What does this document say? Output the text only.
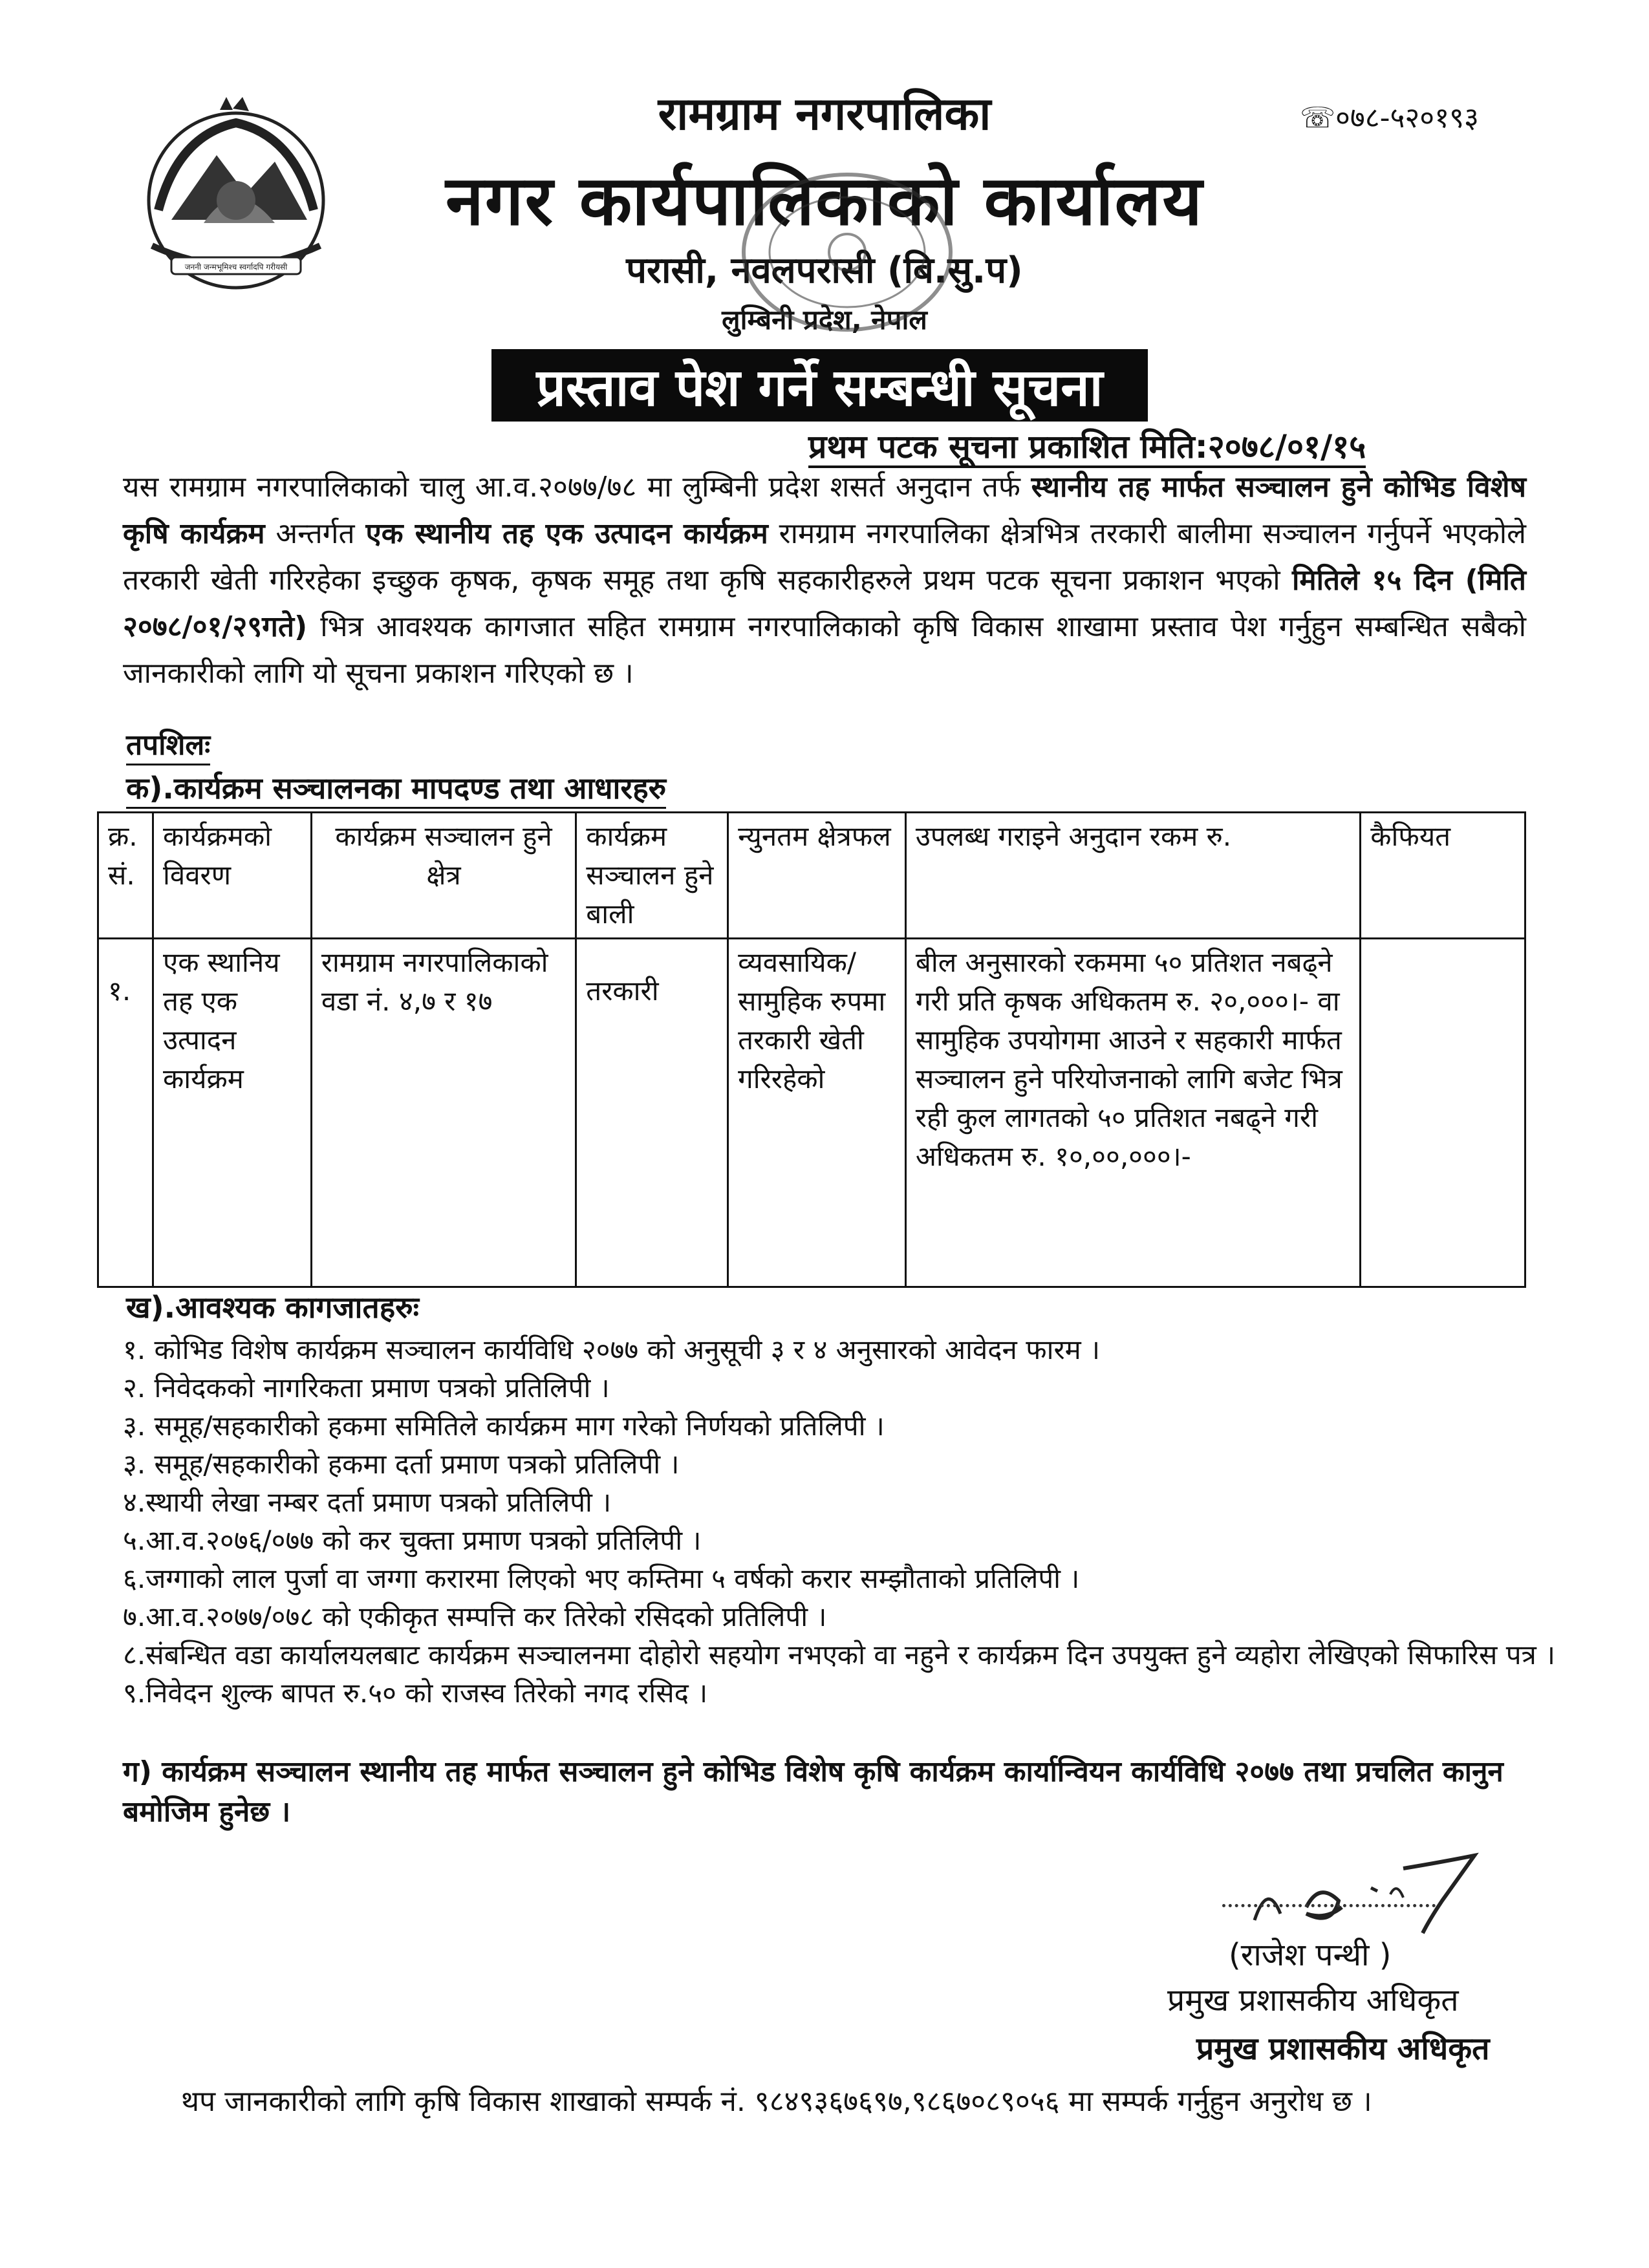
जननी जन्मभूमिश्च स्वर्गादपि गरीयसी
रामग्राम नगरपालिका
नगर कार्यपालिकाको कार्यालय
परासी, नवलपरासी (बि.सु.प)
लुम्बिनी प्रदेश, नेपाल
☏०७८-५२०१९३
प्रस्ताव पेश गर्ने सम्बन्धी सूचना
प्रथम पटक सूचना प्रकाशित मिति:२०७८/०१/१५
यस रामग्राम नगरपालिकाको चालु आ.व.२०७७/७८ मा लुम्बिनी प्रदेश शसर्त अनुदान तर्फ स्थानीय तह मार्फत सञ्चालन हुने कोभिड विशेष कृषि कार्यक्रम अन्तर्गत एक स्थानीय तह एक उत्पादन कार्यक्रम रामग्राम नगरपालिका क्षेत्रभित्र तरकारी बालीमा सञ्चालन गर्नुपर्ने भएकोले तरकारी खेती गरिरहेका इच्छुक कृषक, कृषक समूह तथा कृषि सहकारीहरुले प्रथम पटक सूचना प्रकाशन भएको मितिले १५ दिन (मिति २०७८/०१/२९गते) भित्र आवश्यक कागजात सहित रामग्राम नगरपालिकाको कृषि विकास शाखामा प्रस्ताव पेश गर्नुहुन सम्बन्धित सबैको जानकारीको लागि यो सूचना प्रकाशन गरिएको छ ।
तपशिलः
क).कार्यक्रम सञ्चालनका मापदण्ड तथा आधारहरु
क्र. सं.	कार्यक्रमको विवरण	कार्यक्रम सञ्चालन हुने क्षेत्र	कार्यक्रम सञ्चालन हुने बाली	न्युनतम क्षेत्रफल	उपलब्ध गराइने अनुदान रकम रु.	कैफियत
१.	एक स्थानिय तह एक उत्पादन कार्यक्रम	रामग्राम नगरपालिकाको वडा नं. ४,७ र १७	तरकारी	व्यवसायिक/ सामुहिक रुपमा तरकारी खेती गरिरहेको	बील अनुसारको रकममा ५० प्रतिशत नबढ्ने गरी प्रति कृषक अधिकतम रु. २०,०००।- वा सामुहिक उपयोगमा आउने र सहकारी मार्फत सञ्चालन हुने परियोजनाको लागि बजेट भित्र रही कुल लागतको ५० प्रतिशत नबढ्ने गरी अधिकतम रु. १०,००,०००।-	
ख).आवश्यक कागजातहरुः
१. कोभिड विशेष कार्यक्रम सञ्चालन कार्यविधि २०७७ को अनुसूची ३ र ४ अनुसारको आवेदन फारम ।
२. निवेदकको नागरिकता प्रमाण पत्रको प्रतिलिपी ।
३. समूह/सहकारीको हकमा समितिले कार्यक्रम माग गरेको निर्णयको प्रतिलिपी ।
३. समूह/सहकारीको हकमा दर्ता प्रमाण पत्रको प्रतिलिपी ।
४.स्थायी लेखा नम्बर दर्ता प्रमाण पत्रको प्रतिलिपी ।
५.आ.व.२०७६/०७७ को कर चुक्ता प्रमाण पत्रको प्रतिलिपी ।
६.जग्गाको लाल पुर्जा वा जग्गा करारमा लिएको भए कम्तिमा ५ वर्षको करार सम्झौताको प्रतिलिपी ।
७.आ.व.२०७७/०७८ को एकीकृत सम्पत्ति कर तिरेको रसिदको प्रतिलिपी ।
८.संबन्धित वडा कार्यालयलबाट कार्यक्रम सञ्चालनमा दोहोरो सहयोग नभएको वा नहुने र कार्यक्रम दिन उपयुक्त हुने व्यहोरा लेखिएको सिफारिस पत्र ।
९.निवेदन शुल्क बापत रु.५० को राजस्व तिरेको नगद रसिद ।
ग) कार्यक्रम सञ्चालन स्थानीय तह मार्फत सञ्चालन हुने कोभिड विशेष कृषि कार्यक्रम कार्यान्वियन कार्यविधि २०७७ तथा प्रचलित कानुन बमोजिम हुनेछ ।
(राजेश पन्थी )
प्रमुख प्रशासकीय अधिकृत
प्रमुख प्रशासकीय अधिकृत
थप जानकारीको लागि कृषि विकास शाखाको सम्पर्क नं. ९८४९३६७६९७,९८६७०८९०५६ मा सम्पर्क गर्नुहुन अनुरोध छ ।
